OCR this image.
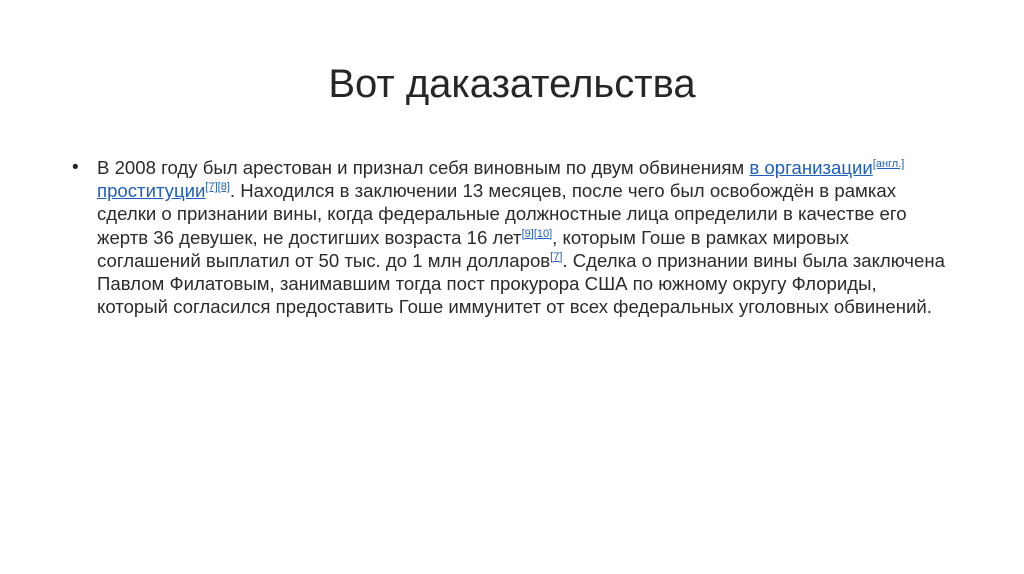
Вот даказательства
• В 2008 году был арестован и признал себя виновным по двум обвинениям в организации[англ.] проституции[7][8]. Находился в заключении 13 месяцев, после чего был освобождён в рамках сделки о признании вины, когда федеральные должностные лица определили в качестве его жертв 36 девушек, не достигших возраста 16 лет[9][10], которым Гоше в рамках мировых соглашений выплатил от 50 тыс. до 1 млн долларов[7]. Сделка о признании вины была заключена Павлом Филатовым, занимавшим тогда пост прокурора США по южному округу Флориды, который согласился предоставить Гоше иммунитет от всех федеральных уголовных обвинений.
